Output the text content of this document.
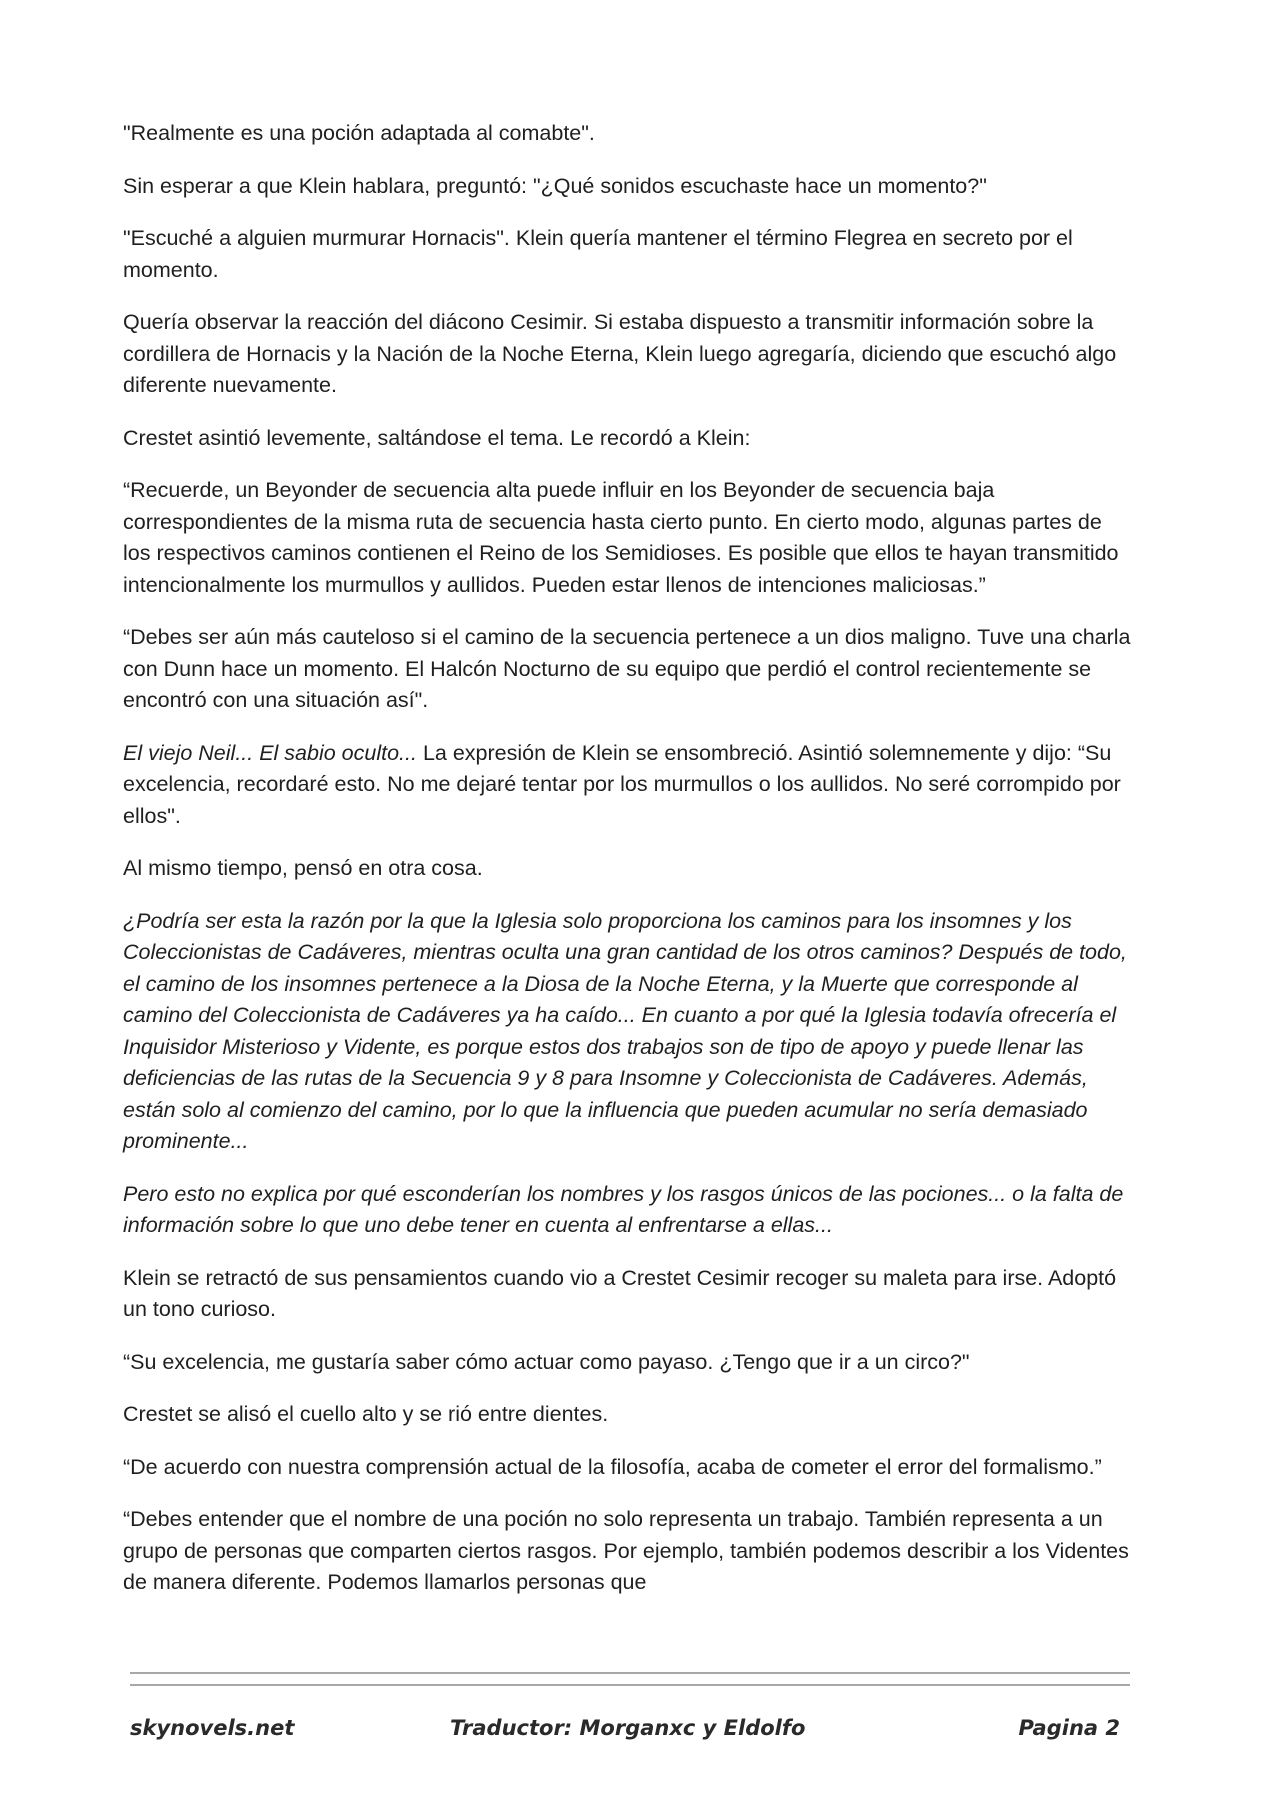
"Realmente es una poción adaptada al comabte".

Sin esperar a que Klein hablara, preguntó: "¿Qué sonidos escuchaste hace un momento?"

"Escuché a alguien murmurar Hornacis". Klein quería mantener el término Flegrea en secreto por el momento.

Quería observar la reacción del diácono Cesimir. Si estaba dispuesto a transmitir información sobre la cordillera de Hornacis y la Nación de la Noche Eterna, Klein luego agregaría, diciendo que escuchó algo diferente nuevamente.

Crestet asintió levemente, saltándose el tema. Le recordó a Klein:

“Recuerde, un Beyonder de secuencia alta puede influir en los Beyonder de secuencia baja correspondientes de la misma ruta de secuencia hasta cierto punto. En cierto modo, algunas partes de los respectivos caminos contienen el Reino de los Semidioses. Es posible que ellos te hayan transmitido intencionalmente los murmullos y aullidos. Pueden estar llenos de intenciones maliciosas.”

“Debes ser aún más cauteloso si el camino de la secuencia pertenece a un dios maligno. Tuve una charla con Dunn hace un momento. El Halcón Nocturno de su equipo que perdió el control recientemente se encontró con una situación así".

El viejo Neil... El sabio oculto... La expresión de Klein se ensombreció. Asintió solemnemente y dijo: “Su excelencia, recordaré esto. No me dejaré tentar por los murmullos o los aullidos. No seré corrompido por ellos".

Al mismo tiempo, pensó en otra cosa.

¿Podría ser esta la razón por la que la Iglesia solo proporciona los caminos para los insomnes y los Coleccionistas de Cadáveres, mientras oculta una gran cantidad de los otros caminos? Después de todo, el camino de los insomnes pertenece a la Diosa de la Noche Eterna, y la Muerte que corresponde al camino del Coleccionista de Cadáveres ya ha caído... En cuanto a por qué la Iglesia todavía ofrecería el Inquisidor Misterioso y Vidente, es porque estos dos trabajos son de tipo de apoyo y puede llenar las deficiencias de las rutas de la Secuencia 9 y 8 para Insomne y Coleccionista de Cadáveres. Además, están solo al comienzo del camino, por lo que la influencia que pueden acumular no sería demasiado prominente...

Pero esto no explica por qué esconderían los nombres y los rasgos únicos de las pociones... o la falta de información sobre lo que uno debe tener en cuenta al enfrentarse a ellas...

Klein se retractó de sus pensamientos cuando vio a Crestet Cesimir recoger su maleta para irse. Adoptó un tono curioso.

“Su excelencia, me gustaría saber cómo actuar como payaso. ¿Tengo que ir a un circo?"

Crestet se alisó el cuello alto y se rió entre dientes.

“De acuerdo con nuestra comprensión actual de la filosofía, acaba de cometer el error del formalismo.”

“Debes entender que el nombre de una poción no solo representa un trabajo. También representa a un grupo de personas que comparten ciertos rasgos. Por ejemplo, también podemos describir a los Videntes de manera diferente. Podemos llamarlos personas que

skynovels.net	Traductor: Morganxc y Eldolfo	Pagina 2
